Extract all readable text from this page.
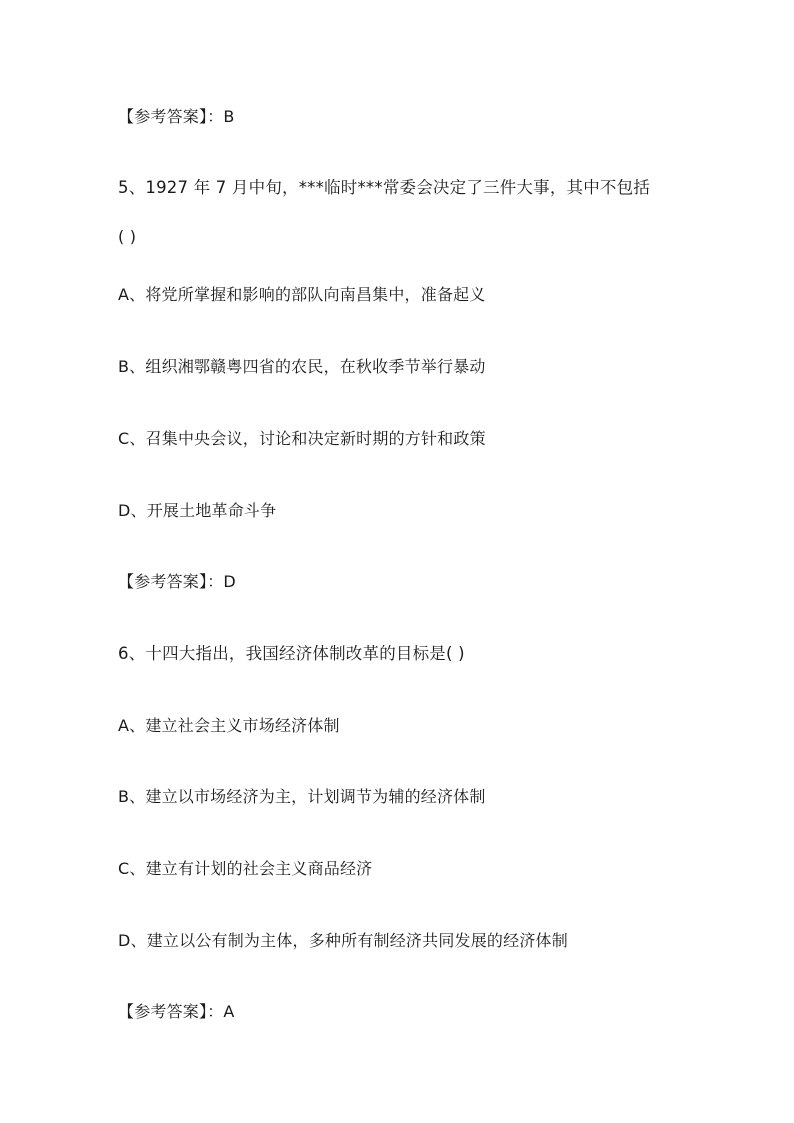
【参考答案】：B
5、1927 年 7 月中旬，***临时***常委会决定了三件大事，其中不包括
( )
A、将党所掌握和影响的部队向南昌集中，准备起义
B、组织湘鄂赣粤四省的农民，在秋收季节举行暴动
C、召集中央会议，讨论和决定新时期的方针和政策
D、开展土地革命斗争
【参考答案】：D
6、十四大指出，我国经济体制改革的目标是( )
A、建立社会主义市场经济体制
B、建立以市场经济为主，计划调节为辅的经济体制
C、建立有计划的社会主义商品经济
D、建立以公有制为主体，多种所有制经济共同发展的经济体制
【参考答案】：A
